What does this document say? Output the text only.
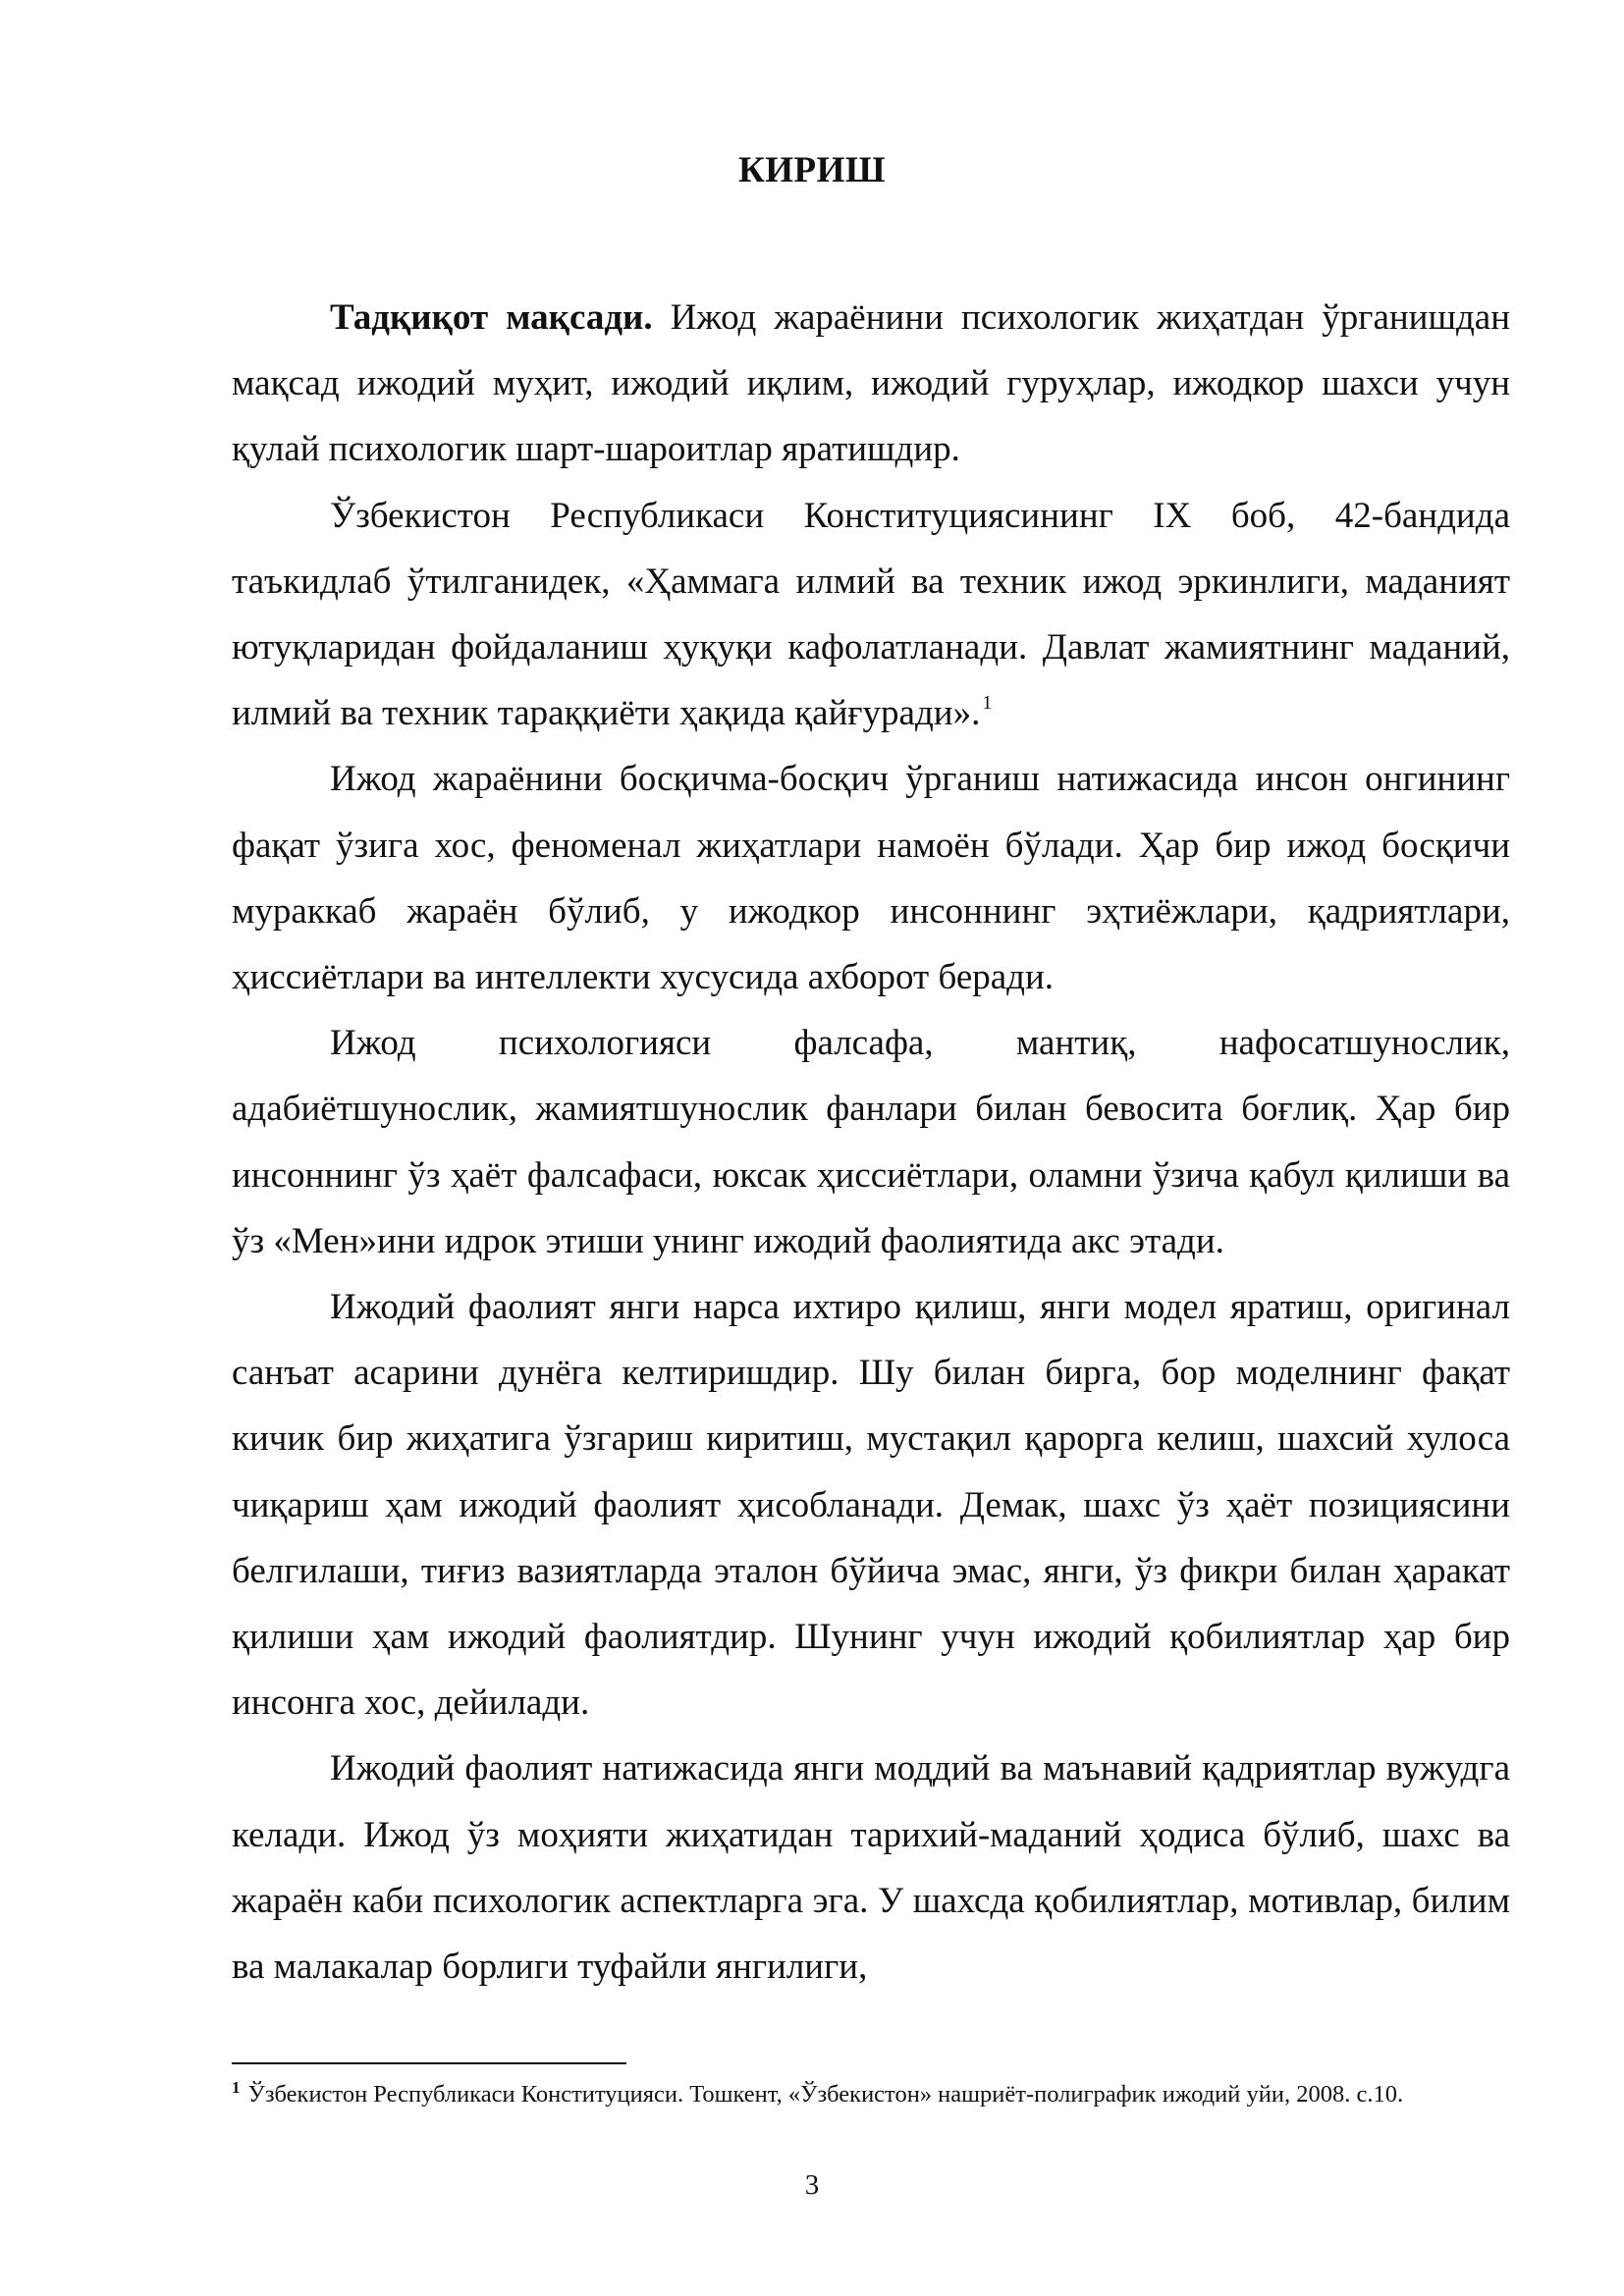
КИРИШ

Тадқиқот мақсади. Ижод жараёнини психологик жиҳатдан ўрганишдан мақсад ижодий муҳит, ижодий иқлим, ижодий гуруҳлар, ижодкор шахси учун қулай психологик шарт-шароитлар яратишдир.

Ўзбекистон Республикаси Конституциясининг IX боб, 42-бандида таъкидлаб ўтилганидек, «Ҳаммага илмий ва техник ижод эркинлиги, маданият ютуқларидан фойдаланиш ҳуқуқи кафолатланади. Давлат жамиятнинг маданий, илмий ва техник тараққиёти ҳақида қайғуради». $^1$

Ижод жараёнини босқичма-босқич ўрганиш натижасида инсон онгининг фақат ўзига хос, феноменал жиҳатлари намоён бўлади. Ҳар бир ижод босқичи мураккаб жараён бўлиб, у ижодкор инсоннинг эҳтиёжлари, қадриятлари, ҳиссиётлари ва интеллекти хусусида ахборот беради.

Ижод психологияси фалсафа, мантиқ, нафосатшунослик, адабиётшунослик, жамиятшунослик фанлари билан бевосита боғлиқ. Ҳар бир инсоннинг ўз ҳаёт фалсафаси, юксак ҳиссиётлари, оламни ўзича қабул қилиши ва ўз «Мен»ини идрок этиши унинг ижодий фаолиятида акс этади.

Ижодий фаолият янги нарса ихтиро қилиш, янги модел яратиш, оригинал санъат асарини дунёга келтиришдир. Шу билан бирга, бор моделнинг фақат кичик бир жиҳатига ўзгариш киритиш, мустақил қарорга келиш, шахсий хулоса чиқариш ҳам ижодий фаолият ҳисобланади. Демак, шахс ўз ҳаёт позициясини белгилаши, тиғиз вазиятларда эталон бўйича эмас, янги, ўз фикри билан ҳаракат қилиши ҳам ижодий фаолиятдир. Шунинг учун ижодий қобилиятлар ҳар бир инсонга хос, дейилади.

Ижодий фаолият натижасида янги моддий ва маънавий қадриятлар вужудга келади. Ижод ўз моҳияти жиҳатидан тарихий-маданий ҳодиса бўлиб, шахс ва жараён каби психологик аспектларга эга. У шахсда қобилиятлар, мотивлар, билим ва малакалар борлиги туфайли янгилиги,

$^1$ Ўзбекистон Республикаси Конституцияси. Тошкент, «Ўзбекистон» нашриёт-полиграфик ижодий уйи, 2008. с.10.

3
